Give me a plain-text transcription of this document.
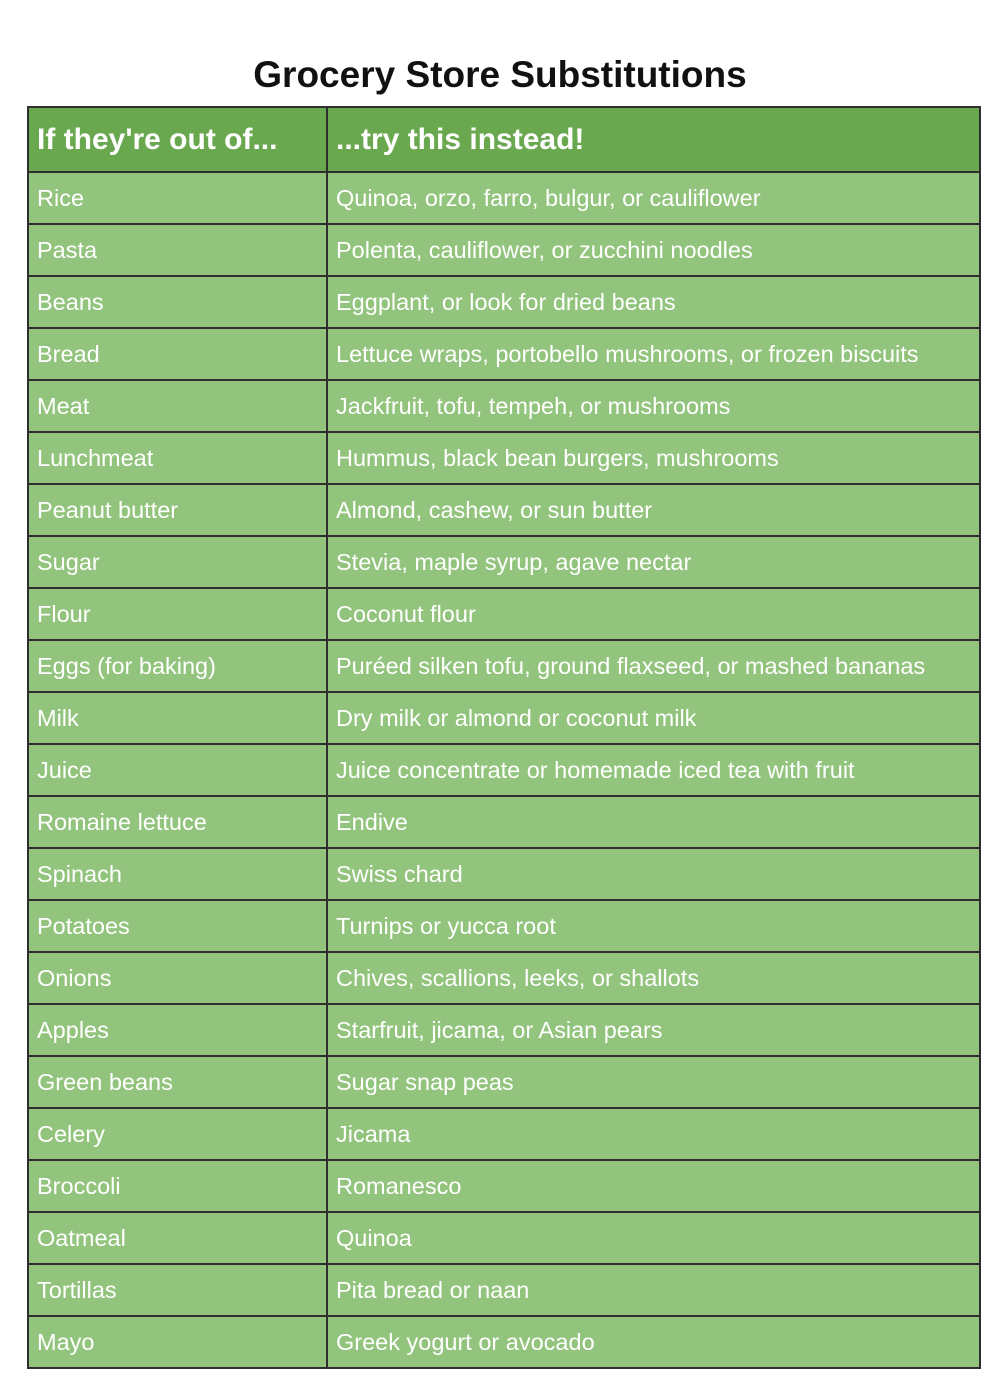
Grocery Store Substitutions
If they're out of...	...try this instead!
Rice	Quinoa, orzo, farro, bulgur, or cauliflower
Pasta	Polenta, cauliflower, or zucchini noodles
Beans	Eggplant, or look for dried beans
Bread	Lettuce wraps, portobello mushrooms, or frozen biscuits
Meat	Jackfruit, tofu, tempeh, or mushrooms
Lunchmeat	Hummus, black bean burgers, mushrooms
Peanut butter	Almond, cashew, or sun butter
Sugar	Stevia, maple syrup, agave nectar
Flour	Coconut flour
Eggs (for baking)	Puréed silken tofu, ground flaxseed, or mashed bananas
Milk	Dry milk or almond or coconut milk
Juice	Juice concentrate or homemade iced tea with fruit
Romaine lettuce	Endive
Spinach	Swiss chard
Potatoes	Turnips or yucca root
Onions	Chives, scallions, leeks, or shallots
Apples	Starfruit, jicama, or Asian pears
Green beans	Sugar snap peas
Celery	Jicama
Broccoli	Romanesco
Oatmeal	Quinoa
Tortillas	Pita bread or naan
Mayo	Greek yogurt or avocado
